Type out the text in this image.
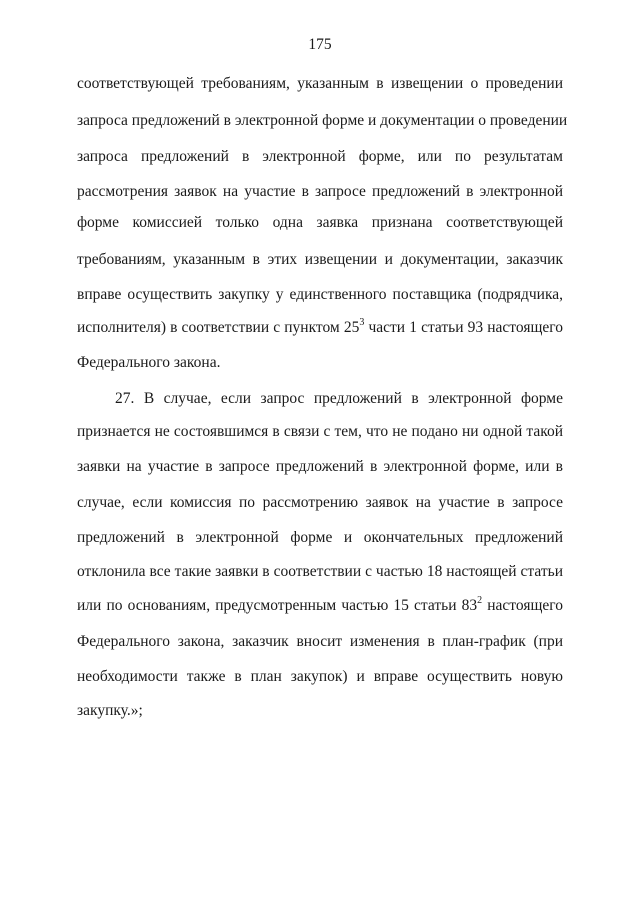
175
соответствующей требованиям, указанным в извещении о проведении
запроса предложений в электронной форме и документации о проведении
запроса предложений в электронной форме, или по результатам
рассмотрения заявок на участие в запросе предложений в электронной
форме комиссией только одна заявка признана соответствующей
требованиям, указанным в этих извещении и документации, заказчик
вправе осуществить закупку у единственного поставщика (подрядчика,
исполнителя) в соответствии с пунктом $25^3$ части 1 статьи 93 настоящего
Федерального закона.
27. В случае, если запрос предложений в электронной форме
признается не состоявшимся в связи с тем, что не подано ни одной такой
заявки на участие в запросе предложений в электронной форме, или в
случае, если комиссия по рассмотрению заявок на участие в запросе
предложений в электронной форме и окончательных предложений
отклонила все такие заявки в соответствии с частью 18 настоящей статьи
или по основаниям, предусмотренным частью 15 статьи $83^2$ настоящего
Федерального закона, заказчик вносит изменения в план-график (при
необходимости также в план закупок) и вправе осуществить новую
закупку.»;
